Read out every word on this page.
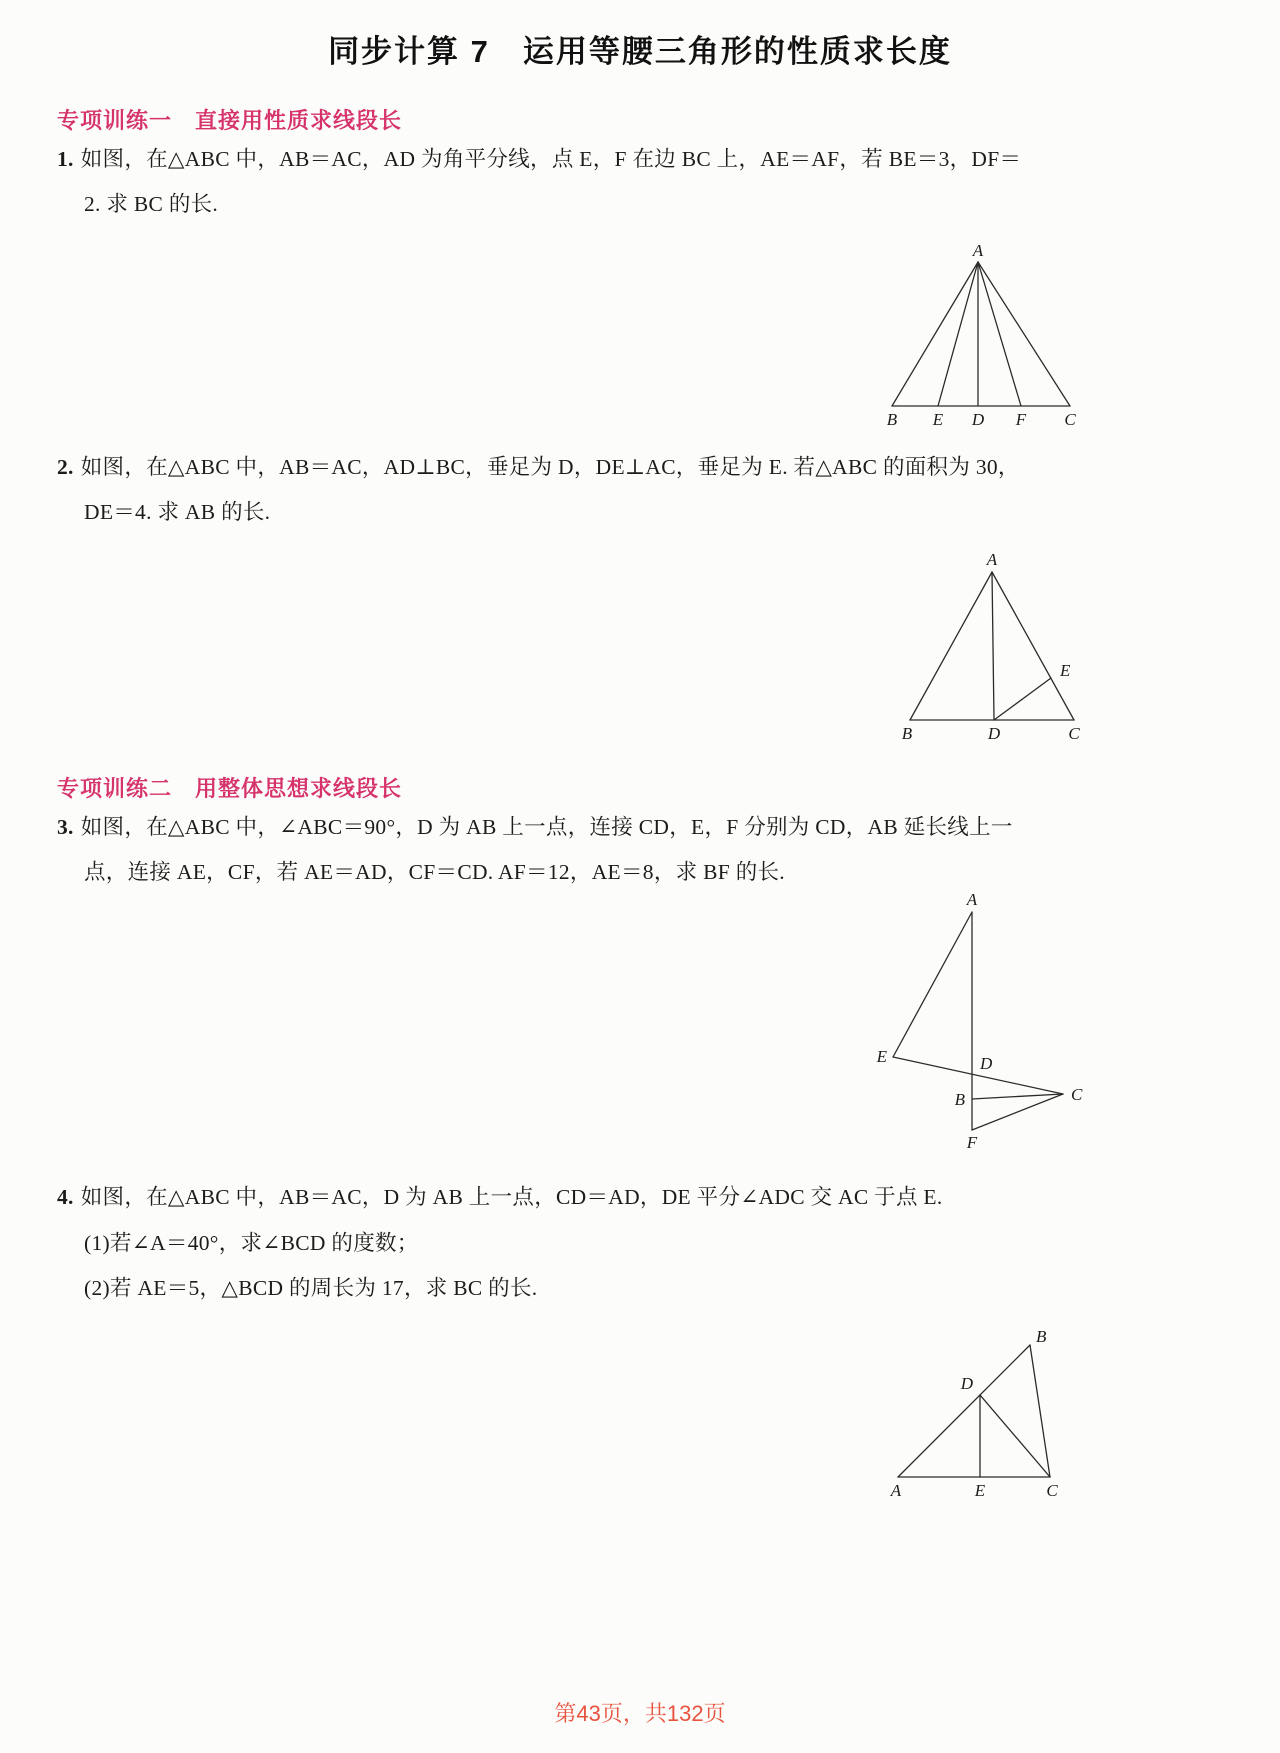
同步计算 7　运用等腰三角形的性质求长度
专项训练一　直接用性质求线段长
1. 如图，在△ABC 中，AB＝AC，AD 为角平分线，点 E，F 在边 BC 上，AE＝AF，若 BE＝3，DF＝
2. 求 BC 的长.
A
B E D F C
2. 如图，在△ABC 中，AB＝AC，AD⊥BC，垂足为 D，DE⊥AC，垂足为 E. 若△ABC 的面积为 30，
DE＝4. 求 AB 的长.
A
B	D	C
E
专项训练二　用整体思想求线段长
3. 如图，在△ABC 中，∠ABC＝90°，D 为 AB 上一点，连接 CD，E，F 分别为 CD，AB 延长线上一
点，连接 AE，CF，若 AE＝AD，CF＝CD. AF＝12，AE＝8，求 BF 的长.
A
E	D
B	C
F
4. 如图，在△ABC 中，AB＝AC，D 为 AB 上一点，CD＝AD，DE 平分∠ADC 交 AC 于点 E.
(1)若∠A＝40°，求∠BCD 的度数；
(2)若 AE＝5，△BCD 的周长为 17，求 BC 的长.
B
D
A	E	C
第43页，共132页
